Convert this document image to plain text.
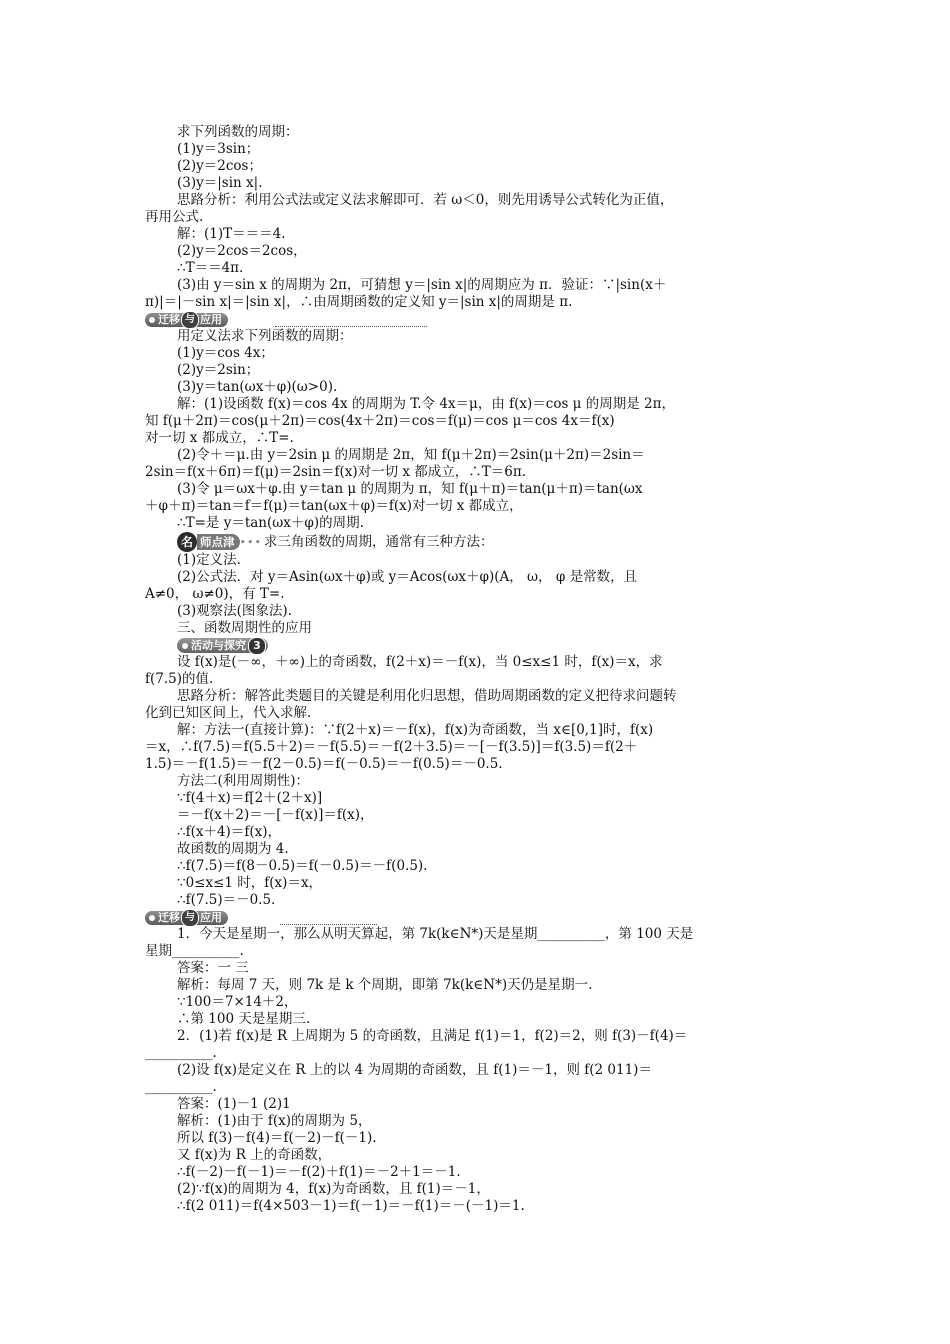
求下列函数的周期：
(1)y＝3sin；
(2)y＝2cos；
(3)y＝|sin x|.
思路分析：利用公式法或定义法求解即可．若 ω＜0，则先用诱导公式转化为正值，
再用公式.
解：(1)T＝＝＝4.
(2)y＝2cos＝2cos，
∴T＝＝4π.
(3)由 y＝sin x 的周期为 2π，可猜想 y＝|sin x|的周期应为 π．验证：∵|sin(x＋
π)|＝|－sin x|＝|sin x|，∴由周期函数的定义知 y＝|sin x|的周期是 π.
迁移 与 应用
用定义法求下列函数的周期：
(1)y＝cos 4x；
(2)y＝2sin；
(3)y＝tan(ωx＋φ)(ω>0).
解：(1)设函数 f(x)＝cos 4x 的周期为 T.令 4x＝μ，由 f(x)＝cos μ 的周期是 2π，
知 f(μ＋2π)＝cos(μ＋2π)＝cos(4x＋2π)＝cos＝f(μ)＝cos μ＝cos 4x＝f(x)
对一切 x 都成立，∴T=.
(2)令＋＝μ.由 y＝2sin μ 的周期是 2π，知 f(μ＋2π)＝2sin(μ＋2π)＝2sin＝
2sin＝f(x＋6π)＝f(μ)＝2sin＝f(x)对一切 x 都成立，∴T＝6π.
(3)令 μ＝ωx＋φ.由 y＝tan μ 的周期为 π，知 f(μ＋π)＝tan(μ＋π)＝tan(ωx
＋φ＋π)＝tan＝f＝f(μ)＝tan(ωx＋φ)＝f(x)对一切 x 都成立，
∴T=是 y＝tan(ωx＋φ)的周期.
名 师点津 ••• 求三角函数的周期，通常有三种方法：
(1)定义法.
(2)公式法．对 y＝Asin(ωx＋φ)或 y＝Acos(ωx＋φ)(A， ω， φ 是常数，且
A≠0， ω≠0)，有 T=.
(3)观察法(图象法).
三、函数周期性的应用
活动与探究 3
设 f(x)是(－∞，＋∞)上的奇函数，f(2＋x)＝－f(x)，当 0≤x≤1 时，f(x)＝x，求
f(7.5)的值.
思路分析：解答此类题目的关键是利用化归思想，借助周期函数的定义把待求问题转
化到已知区间上，代入求解.
解：方法一(直接计算)：∵f(2＋x)＝－f(x)，f(x)为奇函数，当 x∈[0,1]时，f(x)
＝x，∴f(7.5)＝f(5.5＋2)＝－f(5.5)＝－f(2＋3.5)＝－[－f(3.5)]＝f(3.5)＝f(2＋
1.5)＝－f(1.5)＝－f(2－0.5)＝f(－0.5)＝－f(0.5)＝－0.5.
方法二(利用周期性)：
∵f(4＋x)＝f[2＋(2＋x)]
＝－f(x＋2)＝－[－f(x)]＝f(x)，
∴f(x＋4)＝f(x)，
故函数的周期为 4.
∴f(7.5)＝f(8－0.5)＝f(－0.5)＝－f(0.5).
∵0≤x≤1 时，f(x)＝x，
∴f(7.5)＝－0.5.
迁移 与 应用
1．今天是星期一，那么从明天算起，第 7k(k∈N*)天是星期__________，第 100 天是
星期__________.
答案：一 三
解析：每周 7 天，则 7k 是 k 个周期，即第 7k(k∈N*)天仍是星期一.
∵100＝7×14＋2，
∴第 100 天是星期三.
2．(1)若 f(x)是 R 上周期为 5 的奇函数，且满足 f(1)＝1，f(2)＝2，则 f(3)－f(4)＝
__________.
(2)设 f(x)是定义在 R 上的以 4 为周期的奇函数，且 f(1)＝－1，则 f(2 011)＝
__________.
答案：(1)－1 (2)1
解析：(1)由于 f(x)的周期为 5，
所以 f(3)－f(4)＝f(－2)－f(－1).
又 f(x)为 R 上的奇函数，
∴f(－2)－f(－1)＝－f(2)＋f(1)＝－2＋1＝－1.
(2)∵f(x)的周期为 4，f(x)为奇函数，且 f(1)＝－1，
∴f(2 011)＝f(4×503－1)＝f(－1)＝－f(1)＝－(－1)＝1.
